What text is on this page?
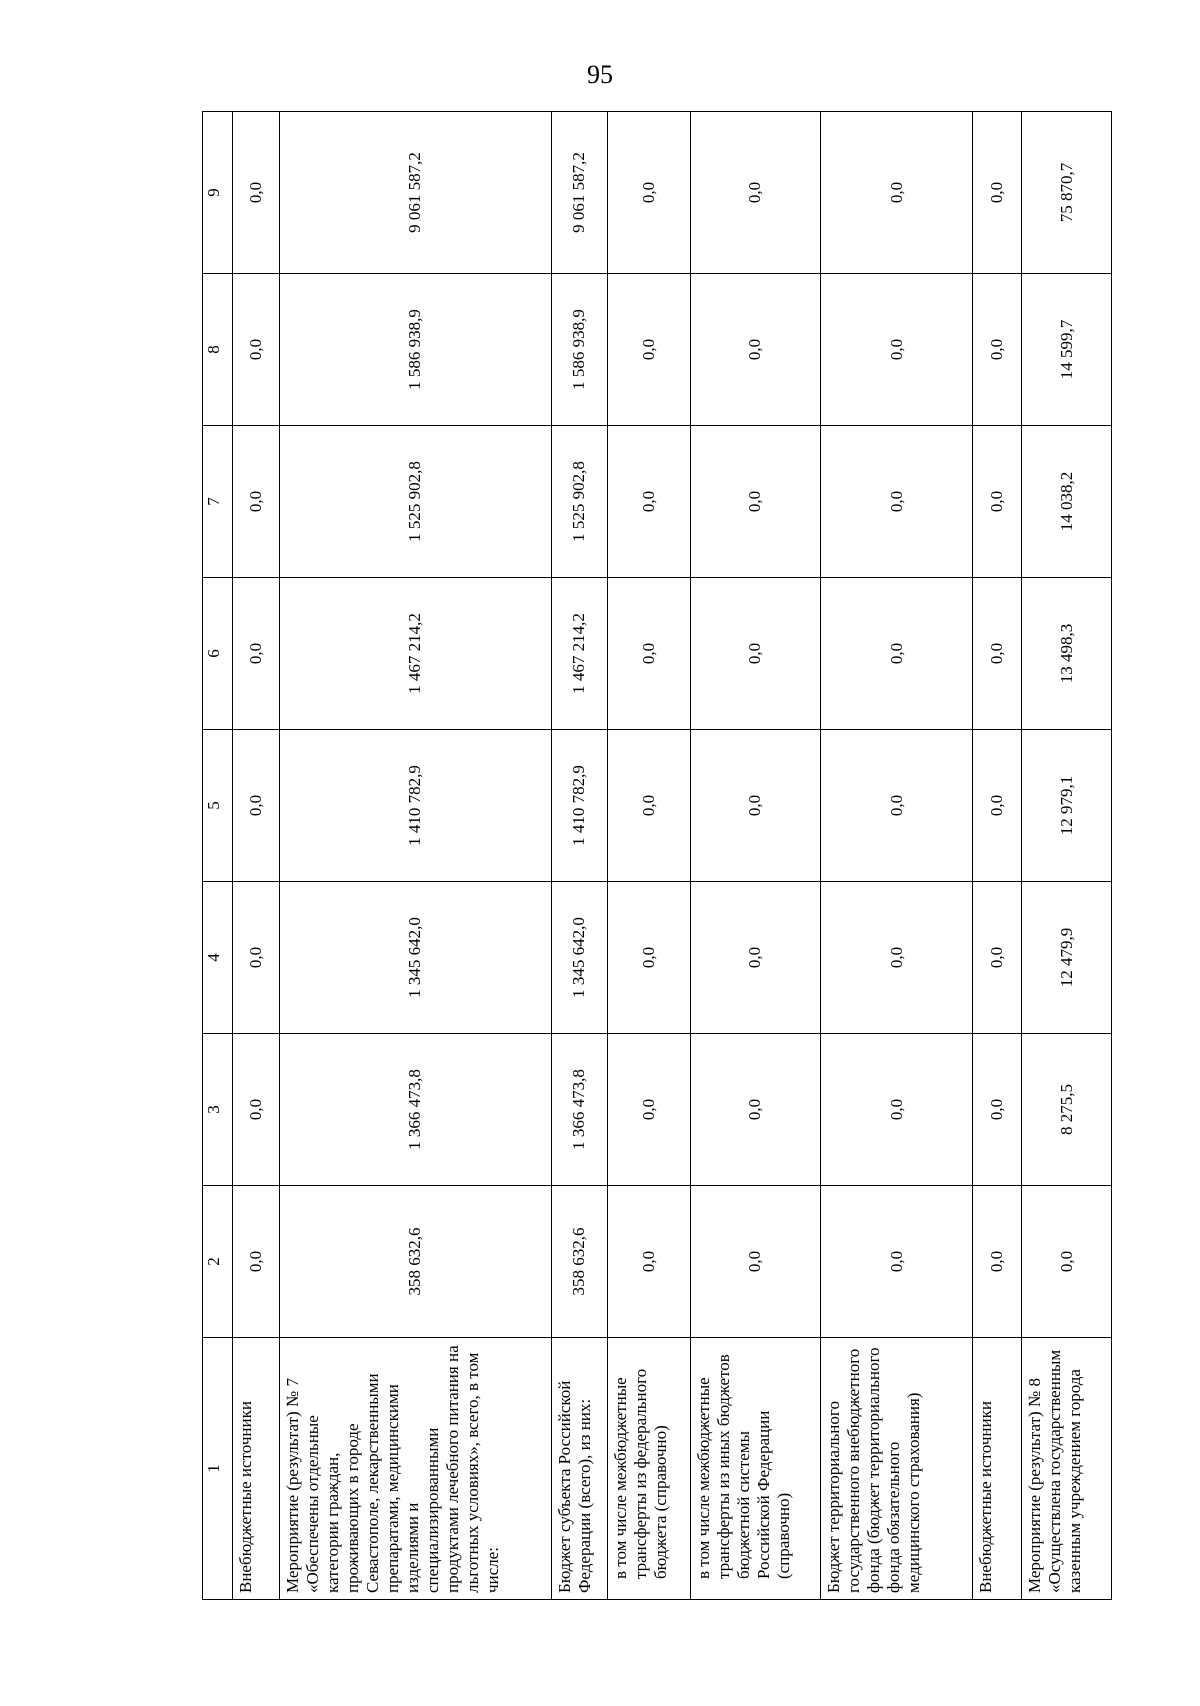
95
1	2	3	4	5	6	7	8	9
Внебюджетные источники	0,0	0,0	0,0	0,0	0,0	0,0	0,0	0,0
Мероприятие (результат) № 7 «Обеспечены отдельные категории граждан, проживающих в городе Севастополе, лекарственными препаратами, медицинскими изделиями и специализированными продуктами лечебного питания на льготных условиях», всего, в том числе:	358 632,6	1 366 473,8	1 345 642,0	1 410 782,9	1 467 214,2	1 525 902,8	1 586 938,9	9 061 587,2
Бюджет субъекта Российской Федерации (всего), из них:	358 632,6	1 366 473,8	1 345 642,0	1 410 782,9	1 467 214,2	1 525 902,8	1 586 938,9	9 061 587,2
в том числе межбюджетные трансферты из федерального бюджета (справочно)	0,0	0,0	0,0	0,0	0,0	0,0	0,0	0,0
в том числе межбюджетные трансферты из иных бюджетов бюджетной системы Российской Федерации (справочно)	0,0	0,0	0,0	0,0	0,0	0,0	0,0	0,0
Бюджет территориального государственного внебюджетного фонда (бюджет территориального фонда обязательного медицинского страхования)	0,0	0,0	0,0	0,0	0,0	0,0	0,0	0,0
Внебюджетные источники	0,0	0,0	0,0	0,0	0,0	0,0	0,0	0,0
Мероприятие (результат) № 8 «Осуществлена государственным казенным учреждением города	0,0	8 275,5	12 479,9	12 979,1	13 498,3	14 038,2	14 599,7	75 870,7
